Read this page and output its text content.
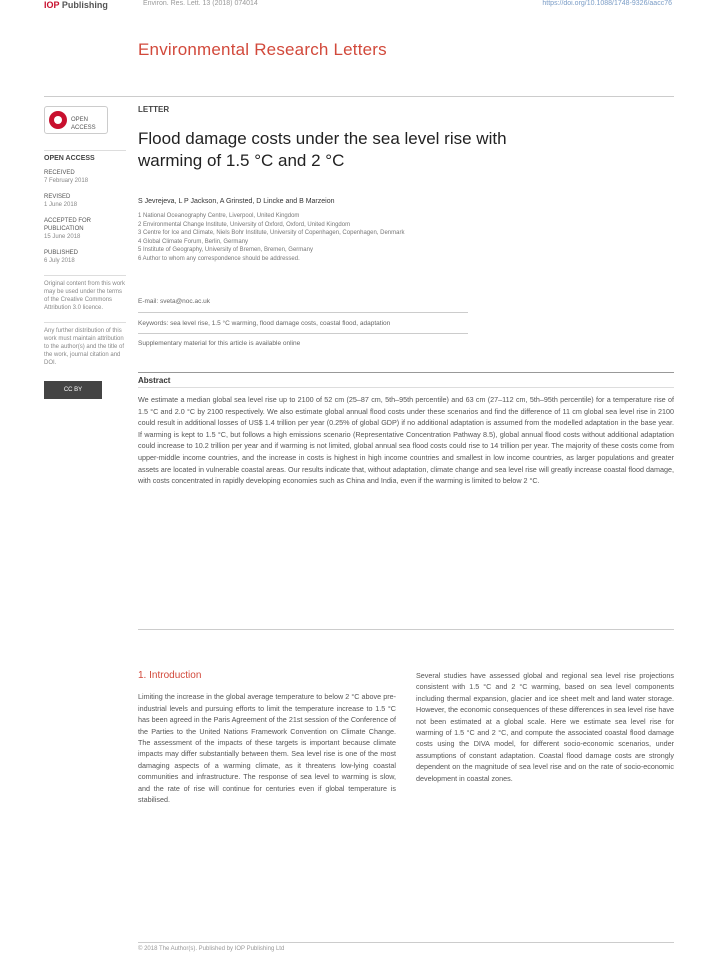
IOP Publishing	Environ. Res. Lett. 13 (2018) 074014	https://doi.org/10.1088/1748-9326/aacc76
Environmental Research Letters
OPEN ACCESS
OPEN ACCESS
RECEIVED
7 February 2018
REVISED
1 June 2018
ACCEPTED FOR PUBLICATION
15 June 2018
PUBLISHED
6 July 2018
Original content from this work may be used under the terms of the Creative Commons Attribution 3.0 licence.
Any further distribution of this work must maintain attribution to the author(s) and the title of the work, journal citation and DOI.
CC BY
LETTER
Flood damage costs under the sea level rise with warming of 1.5 °C and 2 °C
S Jevrejeva, L P Jackson, A Grinsted, D Lincke and B Marzeion
1 National Oceanography Centre, Liverpool, United Kingdom
2 Environmental Change Institute, University of Oxford, Oxford, United Kingdom
3 Centre for Ice and Climate, Niels Bohr Institute, University of Copenhagen, Copenhagen, Denmark
4 Global Climate Forum, Berlin, Germany
5 Institute of Geography, University of Bremen, Bremen, Germany
6 Author to whom any correspondence should be addressed.
E-mail: sveta@noc.ac.uk
Keywords: sea level rise, 1.5 °C warming, flood damage costs, coastal flood, adaptation
Supplementary material for this article is available online
Abstract
We estimate a median global sea level rise up to 2100 of 52 cm (25–87 cm, 5th–95th percentile) and 63 cm (27–112 cm, 5th–95th percentile) for a temperature rise of 1.5 °C and 2.0 °C by 2100 respectively. We also estimate global annual flood costs under these scenarios and find the difference of 11 cm global sea level rise in 2100 could result in additional losses of US$ 1.4 trillion per year (0.25% of global GDP) if no additional adaptation is assumed from the modelled adaptation in the base year. If warming is kept to 1.5 °C, but follows a high emissions scenario (Representative Concentration Pathway 8.5), global annual flood costs without additional adaptation could increase to 10.2 trillion per year and if warming is not limited, global annual sea flood costs could rise to 14 trillion per year. The majority of these costs come from upper-middle income countries, and the increase in costs is highest in high income countries and smallest in low income countries, as larger populations and greater assets are located in vulnerable coastal areas. Our results indicate that, without adaptation, climate change and sea level rise will greatly increase coastal flood damage, with costs concentrated in rapidly developing economies such as China and India, even if the warming is limited to below 2 °C.
1. Introduction

Limiting the increase in the global average temperature to below 2 °C above pre-industrial levels and pursuing efforts to limit the temperature increase to 1.5 °C has been agreed in the Paris Agreement of the 21st session of the Conference of the Parties to the United Nations Framework Convention on Climate Change. The assessment of the impacts of these targets is important because climate impacts may differ substantially between them. Sea level rise is one of the most damaging aspects of a warming climate, as it threatens low-lying coastal communities and infrastructure. The response of sea level to warming is slow, and the rate of rise will continue for centuries even if global temperature is stabilised.

Several studies have assessed global and regional sea level rise projections consistent with 1.5 °C and 2 °C warming, based on sea level components including thermal expansion, glacier and ice sheet melt and land water storage. However, the economic consequences of these differences in sea level rise have not been estimated at a global scale. Here we estimate sea level rise for warming of 1.5 °C and 2 °C, and compute the associated coastal flood damage costs using the DIVA model, for different socio-economic scenarios, under assumptions of constant adaptation. Coastal flood damage costs are strongly dependent on the magnitude of sea level rise and on the rate of socio-economic development in coastal zones.

© 2018 The Author(s). Published by IOP Publishing Ltd
